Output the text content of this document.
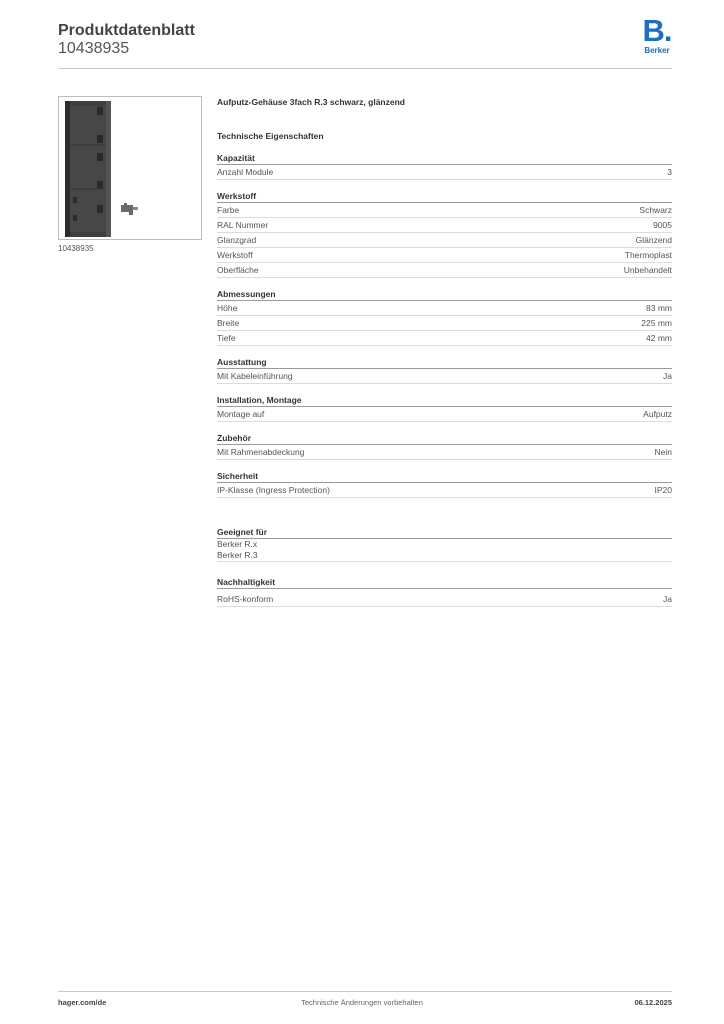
Produktdatenblatt
10438935
B.
Berker
10438935
Aufputz-Gehäuse 3fach R.3 schwarz, glänzend
Technische Eigenschaften
Kapazität
Anzahl Module	3
Werkstoff
Farbe	Schwarz
RAL Nummer	9005
Glanzgrad	Glänzend
Werkstoff	Thermoplast
Oberfläche	Unbehandelt
Abmessungen
Höhe	83 mm
Breite	225 mm
Tiefe	42 mm
Ausstattung
Mit Kabeleinführung	Ja
Installation, Montage
Montage auf	Aufputz
Zubehör
Mit Rahmenabdeckung	Nein
Sicherheit
IP-Klasse (Ingress Protection)	IP20
Geeignet für
Berker R.x
Berker R.3
Nachhaltigkeit
RoHS-konform	Ja
hager.com/de	Technische Änderungen vorbehalten	06.12.2025
